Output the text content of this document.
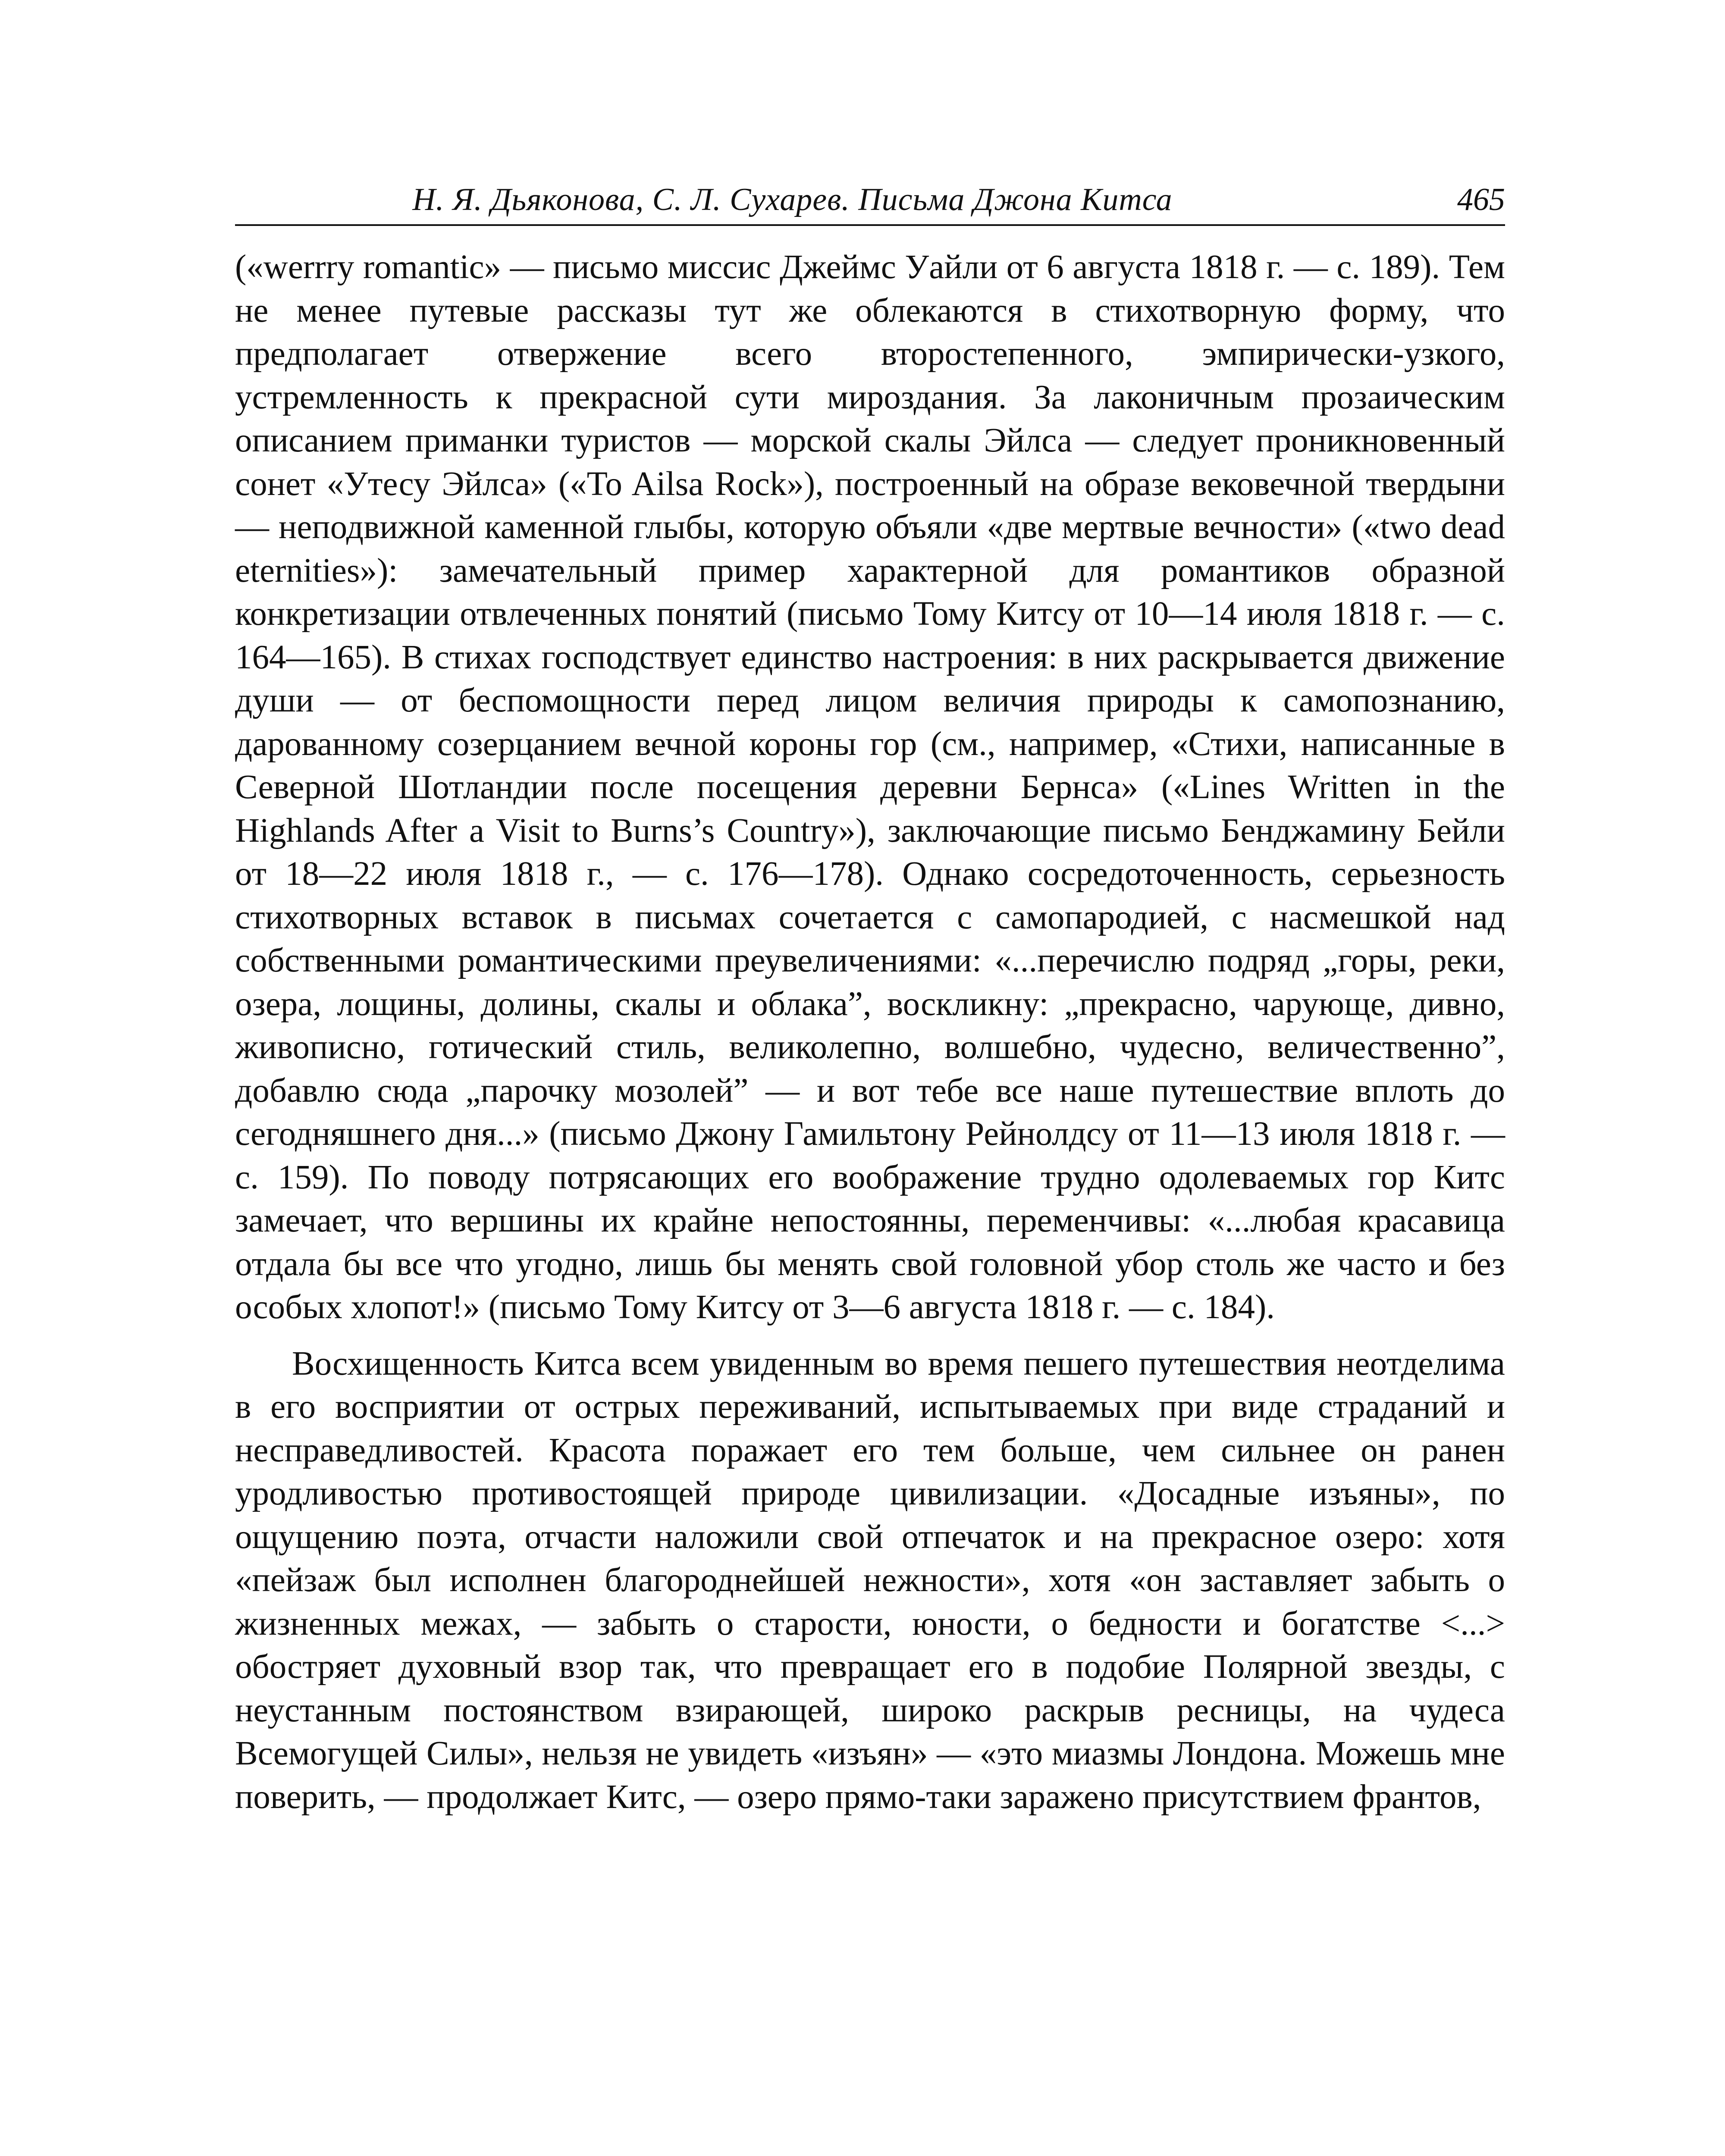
Н. Я. Дьяконова, С. Л. Сухарев. Письма Джона Китса	465

(«werrry romantic» — письмо миссис Джеймс Уайли от 6 августа 1818 г. — с. 189). Тем не менее путевые рассказы тут же облекаются в стихотворную форму, что предполагает отвержение всего второстепенного, эмпирически-узкого, устремленность к прекрасной сути мироздания. За лаконичным прозаическим описанием приманки туристов — морской скалы Эйлса — следует проникновенный сонет «Утесу Эйлса» («To Ailsa Rock»), построенный на образе вековечной твердыни — неподвижной каменной глыбы, которую объяли «две мертвые вечности» («two dead eternities»): замечательный пример характерной для романтиков образной конкретизации отвлеченных понятий (письмо Тому Китсу от 10—14 июля 1818 г. — с. 164—165). В стихах господствует единство настроения: в них раскрывается движение души — от беспомощности перед лицом величия природы к самопознанию, дарованному созерцанием вечной короны гор (см., например, «Стихи, написанные в Северной Шотландии после посещения деревни Бернса» («Lines Written in the Highlands After a Visit to Burns’s Country»), заключающие письмо Бенджамину Бейли от 18—22 июля 1818 г., — с. 176—178). Однако сосредоточенность, серьезность стихотворных вставок в письмах сочетается с самопародией, с насмешкой над собственными романтическими преувеличениями: «...перечислю подряд „горы, реки, озера, лощины, долины, скалы и облака”, воскликну: „прекрасно, чарующе, дивно, живописно, готический стиль, великолепно, волшебно, чудесно, величественно”, добавлю сюда „парочку мозолей” — и вот тебе все наше путешествие вплоть до сегодняшнего дня...» (письмо Джону Гамильтону Рейнолдсу от 11—13 июля 1818 г. — с. 159). По поводу потрясающих его воображение трудно одолеваемых гор Китс замечает, что вершины их крайне непостоянны, переменчивы: «...любая красавица отдала бы все что угодно, лишь бы менять свой головной убор столь же часто и без особых хлопот!» (письмо Тому Китсу от 3—6 августа 1818 г. — с. 184).

Восхищенность Китса всем увиденным во время пешего путешествия неотделима в его восприятии от острых переживаний, испытываемых при виде страданий и несправедливостей. Красота поражает его тем больше, чем сильнее он ранен уродливостью противостоящей природе цивилизации. «Досадные изъяны», по ощущению поэта, отчасти наложили свой отпечаток и на прекрасное озеро: хотя «пейзаж был исполнен благороднейшей нежности», хотя «он заставляет забыть о жизненных межах, — забыть о старости, юности, о бедности и богатстве <...> обостряет духовный взор так, что превращает его в подобие Полярной звезды, с неустанным постоянством взирающей, широко раскрыв ресницы, на чудеса Всемогущей Силы», нельзя не увидеть «изъян» — «это миазмы Лондона. Можешь мне поверить, — продолжает Китс, — озеро прямо-таки заражено присутствием франтов,
